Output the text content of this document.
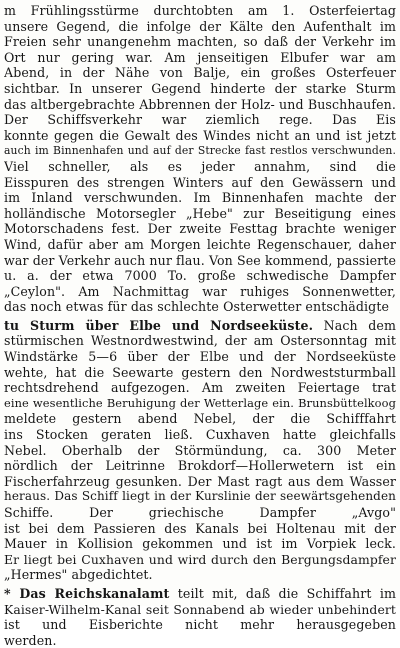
m Frühlingsstürme durchtobten am 1. Osterfeiertag
unsere Gegend, die infolge der Kälte den Aufenthalt im
Freien sehr unangenehm machten, so daß der Verkehr im
Ort nur gering war. Am jenseitigen Elbufer war am
Abend, in der Nähe von Balje, ein großes Osterfeuer
sichtbar. In unserer Gegend hinderte der starke Sturm
das altbergebrachte Abbrennen der Holz- und Buschhaufen.
Der Schiffsverkehr war ziemlich rege. Das Eis
konnte gegen die Gewalt des Windes nicht an und ist jetzt
auch im Binnenhafen und auf der Strecke fast restlos verschwunden.
Viel schneller, als es jeder annahm, sind die
Eisspuren des strengen Winters auf den Gewässern und
im Inland verschwunden. Im Binnenhafen machte der
holländische Motorsegler „Hebe" zur Beseitigung eines
Motorschadens fest. Der zweite Festtag brachte weniger
Wind, dafür aber am Morgen leichte Regenschauer, daher
war der Verkehr auch nur flau. Von See kommend, passierte
u. a. der etwa 7000 To. große schwedische Dampfer
„Ceylon". Am Nachmittag war ruhiges Sonnenwetter,
das noch etwas für das schlechte Osterwetter entschädigte
tu Sturm über Elbe und Nordseeküste. Nach dem
stürmischen Westnordwestwind, der am Ostersonntag mit
Windstärke 5—6 über der Elbe und der Nordseeküste
wehte, hat die Seewarte gestern den Nordweststurmball
rechtsdrehend aufgezogen. Am zweiten Feiertage trat
eine wesentliche Beruhigung der Wetterlage ein. Brunsbüttelkoog
meldete gestern abend Nebel, der die Schifffahrt
ins Stocken geraten ließ. Cuxhaven hatte gleichfalls
Nebel. Oberhalb der Störmündung, ca. 300 Meter
nördlich der Leitrinne Brokdorf—Hollerwetern ist ein
Fischerfahrzeug gesunken. Der Mast ragt aus dem Wasser
heraus. Das Schiff liegt in der Kurslinie der seewärtsgehenden
Schiffe. Der griechische Dampfer „Avgo"
ist bei dem Passieren des Kanals bei Holtenau mit der
Mauer in Kollision gekommen und ist im Vorpiek leck.
Er liegt bei Cuxhaven und wird durch den Bergungsdampfer
„Hermes" abgedichtet.
* Das Reichskanalamt teilt mit, daß die Schiffahrt im
Kaiser-Wilhelm-Kanal seit Sonnabend ab wieder unbehindert
ist und Eisberichte nicht mehr herausgegeben
werden.
